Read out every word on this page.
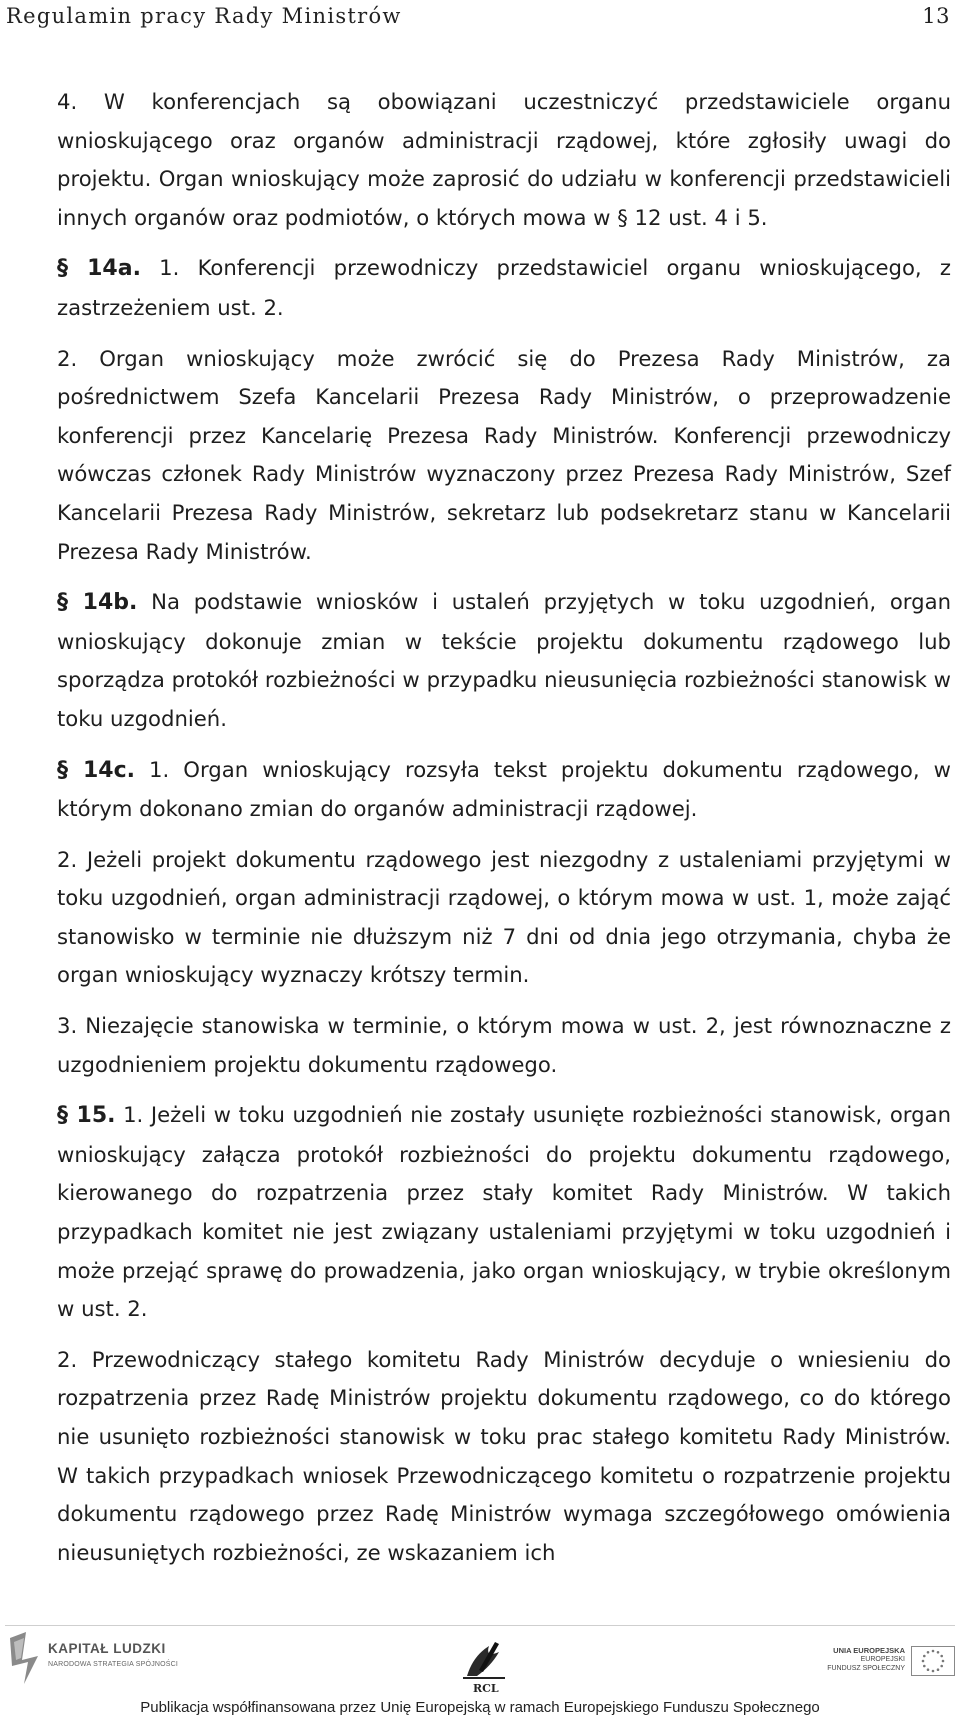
Regulamin pracy Rady Ministrów	13

4. W konferencjach są obowiązani uczestniczyć przedstawiciele organu wnioskującego oraz organów administracji rządowej, które zgłosiły uwagi do projektu. Organ wnioskujący może zaprosić do udziału w konferencji przedstawicieli innych organów oraz podmiotów, o których mowa w § 12 ust. 4 i 5.

§ 14a. 1. Konferencji przewodniczy przedstawiciel organu wnioskującego, z zastrzeżeniem ust. 2.

2. Organ wnioskujący może zwrócić się do Prezesa Rady Ministrów, za pośrednictwem Szefa Kancelarii Prezesa Rady Ministrów, o przeprowadzenie konferencji przez Kancelarię Prezesa Rady Ministrów. Konferencji przewodniczy wówczas członek Rady Ministrów wyznaczony przez Prezesa Rady Ministrów, Szef Kancelarii Prezesa Rady Ministrów, sekretarz lub podsekretarz stanu w Kancelarii Prezesa Rady Ministrów.

§ 14b. Na podstawie wniosków i ustaleń przyjętych w toku uzgodnień, organ wnioskujący dokonuje zmian w tekście projektu dokumentu rządowego lub sporządza protokół rozbieżności w przypadku nieusunięcia rozbieżności stanowisk w toku uzgodnień.

§ 14c. 1. Organ wnioskujący rozsyła tekst projektu dokumentu rządowego, w którym dokonano zmian do organów administracji rządowej.

2. Jeżeli projekt dokumentu rządowego jest niezgodny z ustaleniami przyjętymi w toku uzgodnień, organ administracji rządowej, o którym mowa w ust. 1, może zająć stanowisko w terminie nie dłuższym niż 7 dni od dnia jego otrzymania, chyba że organ wnioskujący wyznaczy krótszy termin.

3. Niezajęcie stanowiska w terminie, o którym mowa w ust. 2, jest równoznaczne z uzgodnieniem projektu dokumentu rządowego.

§ 15. 1. Jeżeli w toku uzgodnień nie zostały usunięte rozbieżności stanowisk, organ wnioskujący załącza protokół rozbieżności do projektu dokumentu rządowego, kierowanego do rozpatrzenia przez stały komitet Rady Ministrów. W takich przypadkach komitet nie jest związany ustaleniami przyjętymi w toku uzgodnień i może przejąć sprawę do prowadzenia, jako organ wnioskujący, w trybie określonym w ust. 2.

2. Przewodniczący stałego komitetu Rady Ministrów decyduje o wniesieniu do rozpatrzenia przez Radę Ministrów projektu dokumentu rządowego, co do którego nie usunięto rozbieżności stanowisk w toku prac stałego komitetu Rady Ministrów. W takich przypadkach wniosek Przewodniczącego komitetu o rozpatrzenie projektu dokumentu rządowego przez Radę Ministrów wymaga szczegółowego omówienia nieusuniętych rozbieżności, ze wskazaniem ich

KAPITAŁ LUDZKI
NARODOWA STRATEGIA SPÓJNOŚCI
RCL
UNIA EUROPEJSKA
EUROPEJSKI
FUNDUSZ SPOŁECZNY
Publikacja współfinansowana przez Unię Europejską w ramach Europejskiego Funduszu Społecznego
